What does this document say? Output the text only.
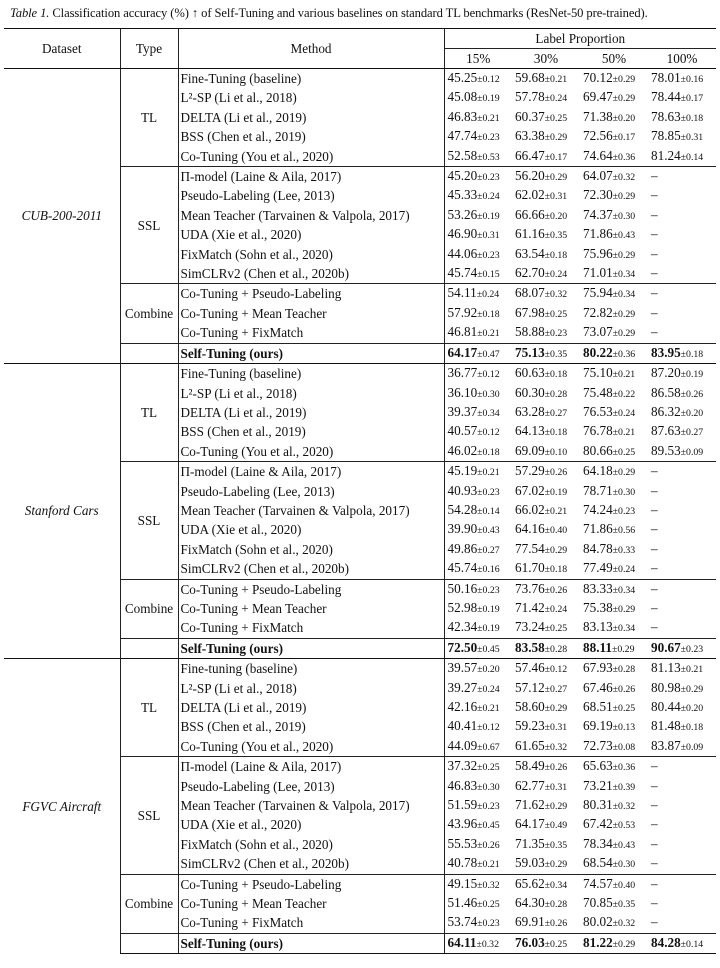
Table 1. Classification accuracy (%) ↑ of Self-Tuning and various baselines on standard TL benchmarks (ResNet-50 pre-trained).
Dataset	Type	Method	Label Proportion			
			15%	30%	50%	100%
CUB-200-2011	TL	Fine-Tuning (baseline)	45.25±0.12	59.68±0.21	70.12±0.29	78.01±0.16
		L²-SP (Li et al., 2018)	45.08±0.19	57.78±0.24	69.47±0.29	78.44±0.17
		DELTA (Li et al., 2019)	46.83±0.21	60.37±0.25	71.38±0.20	78.63±0.18
		BSS (Chen et al., 2019)	47.74±0.23	63.38±0.29	72.56±0.17	78.85±0.31
		Co-Tuning (You et al., 2020)	52.58±0.53	66.47±0.17	74.64±0.36	81.24±0.14
	SSL	Π-model (Laine & Aila, 2017)	45.20±0.23	56.20±0.29	64.07±0.32	–
		Pseudo-Labeling (Lee, 2013)	45.33±0.24	62.02±0.31	72.30±0.29	–
		Mean Teacher (Tarvainen & Valpola, 2017)	53.26±0.19	66.66±0.20	74.37±0.30	–
		UDA (Xie et al., 2020)	46.90±0.31	61.16±0.35	71.86±0.43	–
		FixMatch (Sohn et al., 2020)	44.06±0.23	63.54±0.18	75.96±0.29	–
		SimCLRv2 (Chen et al., 2020b)	45.74±0.15	62.70±0.24	71.01±0.34	–
	Combine	Co-Tuning + Pseudo-Labeling	54.11±0.24	68.07±0.32	75.94±0.34	–
		Co-Tuning + Mean Teacher	57.92±0.18	67.98±0.25	72.82±0.29	–
		Co-Tuning + FixMatch	46.81±0.21	58.88±0.23	73.07±0.29	–
		Self-Tuning (ours)	64.17±0.47	75.13±0.35	80.22±0.36	83.95±0.18
Stanford Cars	TL	Fine-Tuning (baseline)	36.77±0.12	60.63±0.18	75.10±0.21	87.20±0.19
		L²-SP (Li et al., 2018)	36.10±0.30	60.30±0.28	75.48±0.22	86.58±0.26
		DELTA (Li et al., 2019)	39.37±0.34	63.28±0.27	76.53±0.24	86.32±0.20
		BSS (Chen et al., 2019)	40.57±0.12	64.13±0.18	76.78±0.21	87.63±0.27
		Co-Tuning (You et al., 2020)	46.02±0.18	69.09±0.10	80.66±0.25	89.53±0.09
	SSL	Π-model (Laine & Aila, 2017)	45.19±0.21	57.29±0.26	64.18±0.29	–
		Pseudo-Labeling (Lee, 2013)	40.93±0.23	67.02±0.19	78.71±0.30	–
		Mean Teacher (Tarvainen & Valpola, 2017)	54.28±0.14	66.02±0.21	74.24±0.23	–
		UDA (Xie et al., 2020)	39.90±0.43	64.16±0.40	71.86±0.56	–
		FixMatch (Sohn et al., 2020)	49.86±0.27	77.54±0.29	84.78±0.33	–
		SimCLRv2 (Chen et al., 2020b)	45.74±0.16	61.70±0.18	77.49±0.24	–
	Combine	Co-Tuning + Pseudo-Labeling	50.16±0.23	73.76±0.26	83.33±0.34	–
		Co-Tuning + Mean Teacher	52.98±0.19	71.42±0.24	75.38±0.29	–
		Co-Tuning + FixMatch	42.34±0.19	73.24±0.25	83.13±0.34	–
		Self-Tuning (ours)	72.50±0.45	83.58±0.28	88.11±0.29	90.67±0.23
FGVC Aircraft	TL	Fine-tuning (baseline)	39.57±0.20	57.46±0.12	67.93±0.28	81.13±0.21
		L²-SP (Li et al., 2018)	39.27±0.24	57.12±0.27	67.46±0.26	80.98±0.29
		DELTA (Li et al., 2019)	42.16±0.21	58.60±0.29	68.51±0.25	80.44±0.20
		BSS (Chen et al., 2019)	40.41±0.12	59.23±0.31	69.19±0.13	81.48±0.18
		Co-Tuning (You et al., 2020)	44.09±0.67	61.65±0.32	72.73±0.08	83.87±0.09
	SSL	Π-model (Laine & Aila, 2017)	37.32±0.25	58.49±0.26	65.63±0.36	–
		Pseudo-Labeling (Lee, 2013)	46.83±0.30	62.77±0.31	73.21±0.39	–
		Mean Teacher (Tarvainen & Valpola, 2017)	51.59±0.23	71.62±0.29	80.31±0.32	–
		UDA (Xie et al., 2020)	43.96±0.45	64.17±0.49	67.42±0.53	–
		FixMatch (Sohn et al., 2020)	55.53±0.26	71.35±0.35	78.34±0.43	–
		SimCLRv2 (Chen et al., 2020b)	40.78±0.21	59.03±0.29	68.54±0.30	–
	Combine	Co-Tuning + Pseudo-Labeling	49.15±0.32	65.62±0.34	74.57±0.40	–
		Co-Tuning + Mean Teacher	51.46±0.25	64.30±0.28	70.85±0.35	–
		Co-Tuning + FixMatch	53.74±0.23	69.91±0.26	80.02±0.32	–
		Self-Tuning (ours)	64.11±0.32	76.03±0.25	81.22±0.29	84.28±0.14
